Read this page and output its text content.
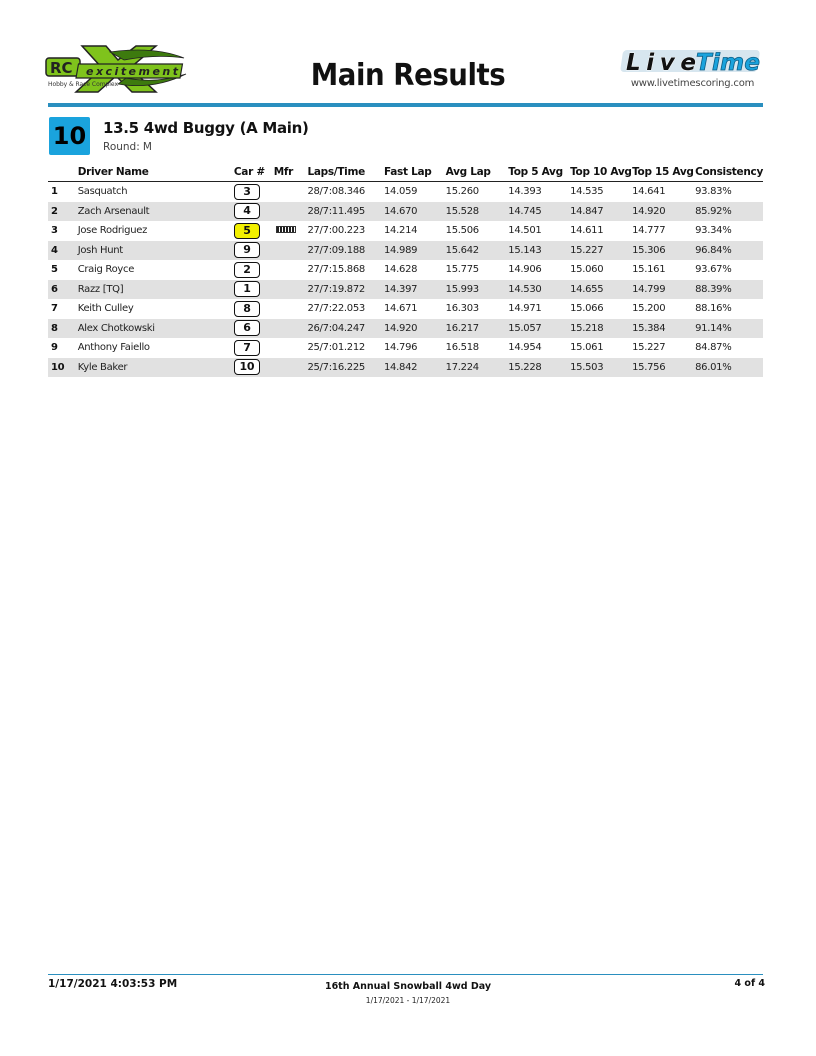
RC excitement
Hobby & Race Complex	Main Results	Live Time
www.livetimescoring.com
10 13.5 4wd Buggy (A Main)
Round: M
	Driver Name	Car #	Mfr	Laps/Time	Fast Lap	Avg Lap	Top 5 Avg	Top 10 Avg	Top 15 Avg	Consistency
1	Sasquatch	3		28/7:08.346	14.059	15.260	14.393	14.535	14.641	93.83%
2	Zach Arsenault	4		28/7:11.495	14.670	15.528	14.745	14.847	14.920	85.92%
3	Jose Rodriguez	5		27/7:00.223	14.214	15.506	14.501	14.611	14.777	93.34%
4	Josh Hunt	9		27/7:09.188	14.989	15.642	15.143	15.227	15.306	96.84%
5	Craig Royce	2		27/7:15.868	14.628	15.775	14.906	15.060	15.161	93.67%
6	Razz [TQ]	1		27/7:19.872	14.397	15.993	14.530	14.655	14.799	88.39%
7	Keith Culley	8		27/7:22.053	14.671	16.303	14.971	15.066	15.200	88.16%
8	Alex Chotkowski	6		26/7:04.247	14.920	16.217	15.057	15.218	15.384	91.14%
9	Anthony Faiello	7		25/7:01.212	14.796	16.518	14.954	15.061	15.227	84.87%
10	Kyle Baker	10		25/7:16.225	14.842	17.224	15.228	15.503	15.756	86.01%
1/17/2021 4:03:53 PM	16th Annual Snowball 4wd Day
1/17/2021 - 1/17/2021
4 of 4
